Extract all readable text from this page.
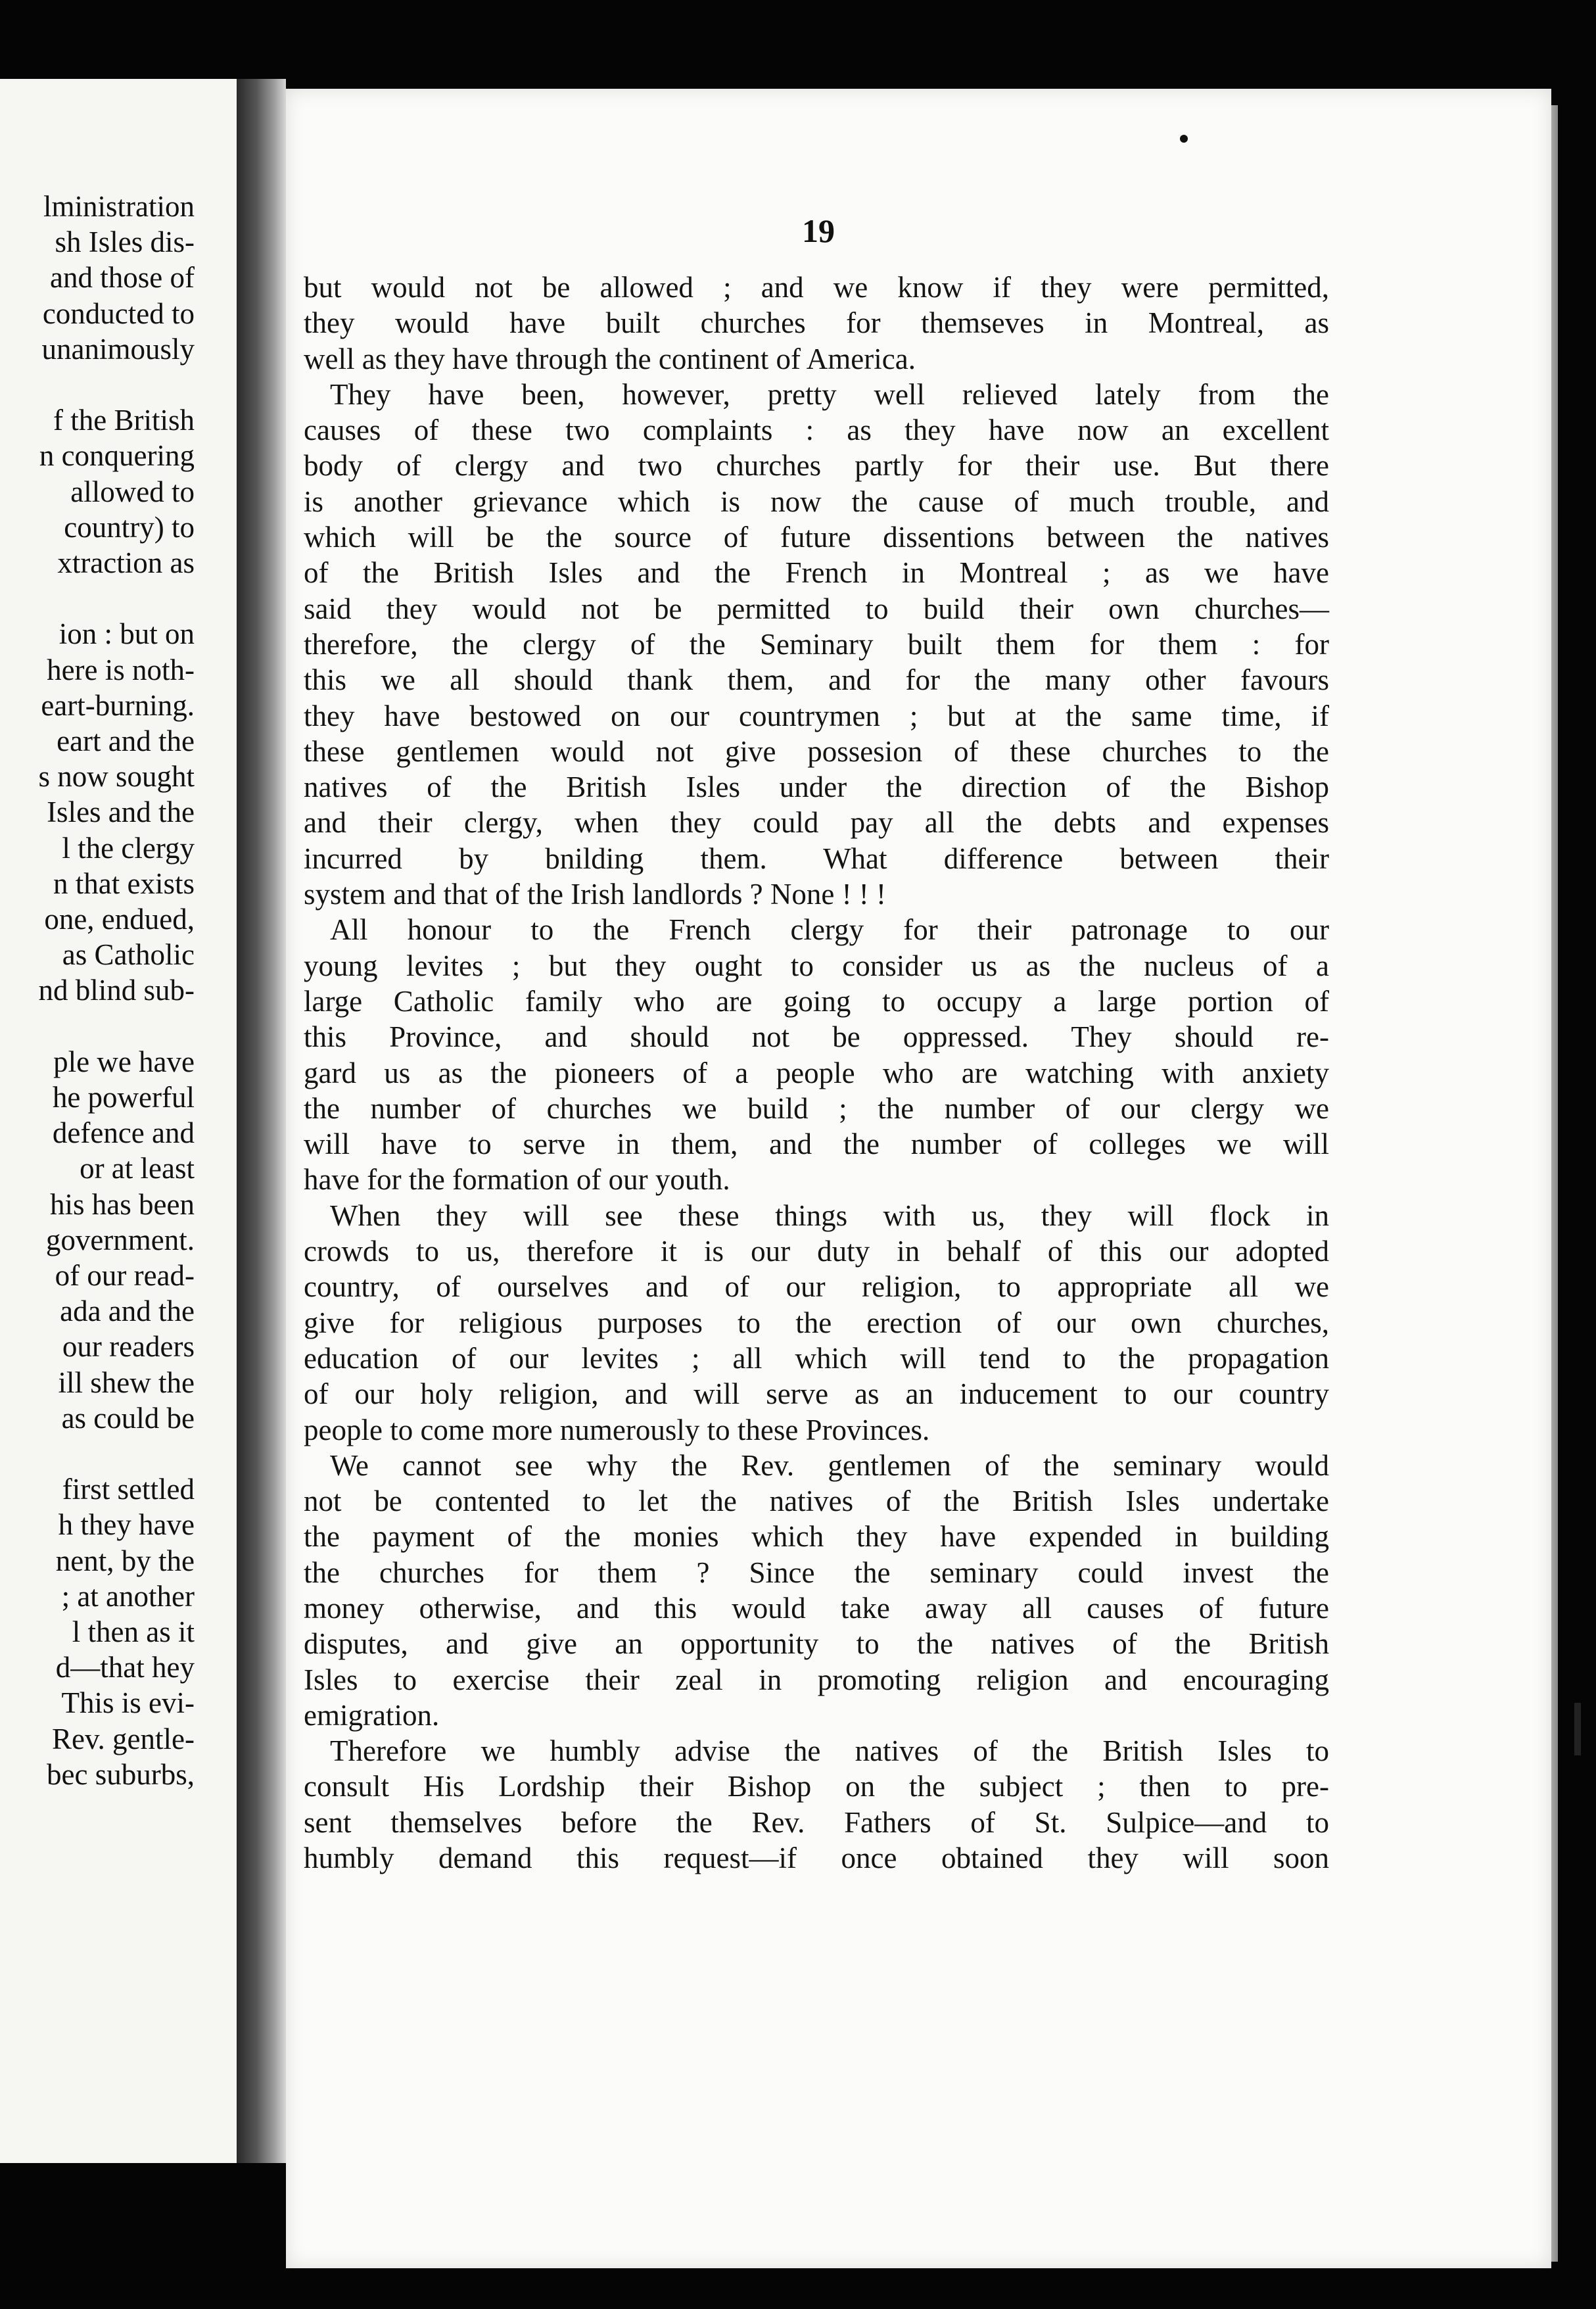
lministration
sh Isles dis-
and those of
conducted to
unanimously
f the British
n conquering
allowed to
country) to
xtraction as
ion : but on
here is noth-
eart-burning.
eart and the
s now sought
Isles and the
l the clergy
n that exists
one, endued,
as Catholic
nd blind sub-
ple we have
he powerful
defence and
or at least
his has been
government.
of our read-
ada and the
our readers
ill shew the
as could be
first settled
h they have
nent, by the
; at another
l then as it
d—that hey
This is evi-
Rev. gentle-
bec suburbs,
19
but would not be allowed ; and we know if they were permitted,
they would have built churches for themseves in Montreal, as
well as they have through the continent of America.
They have been, however, pretty well relieved lately from the
causes of these two complaints : as they have now an excellent
body of clergy and two churches partly for their use. But there
is another grievance which is now the cause of much trouble, and
which will be the source of future dissentions between the natives
of the British Isles and the French in Montreal ; as we have
said they would not be permitted to build their own churches—
therefore, the clergy of the Seminary built them for them : for
this we all should thank them, and for the many other favours
they have bestowed on our countrymen ; but at the same time, if
these gentlemen would not give possesion of these churches to the
natives of the British Isles under the direction of the Bishop
and their clergy, when they could pay all the debts and expenses
incurred by bnilding them. What difference between their
system and that of the Irish landlords ? None ! ! !
All honour to the French clergy for their patronage to our
young levites ; but they ought to consider us as the nucleus of a
large Catholic family who are going to occupy a large portion of
this Province, and should not be oppressed. They should re-
gard us as the pioneers of a people who are watching with anxiety
the number of churches we build ; the number of our clergy we
will have to serve in them, and the number of colleges we will
have for the formation of our youth.
When they will see these things with us, they will flock in
crowds to us, therefore it is our duty in behalf of this our adopted
country, of ourselves and of our religion, to appropriate all we
give for religious purposes to the erection of our own churches,
education of our levites ; all which will tend to the propagation
of our holy religion, and will serve as an inducement to our country
people to come more numerously to these Provinces.
We cannot see why the Rev. gentlemen of the seminary would
not be contented to let the natives of the British Isles undertake
the payment of the monies which they have expended in building
the churches for them ? Since the seminary could invest the
money otherwise, and this would take away all causes of future
disputes, and give an opportunity to the natives of the British
Isles to exercise their zeal in promoting religion and encouraging
emigration.
Therefore we humbly advise the natives of the British Isles to
consult His Lordship their Bishop on the subject ; then to pre-
sent themselves before the Rev. Fathers of St. Sulpice—and to
humbly demand this request—if once obtained they will soon
